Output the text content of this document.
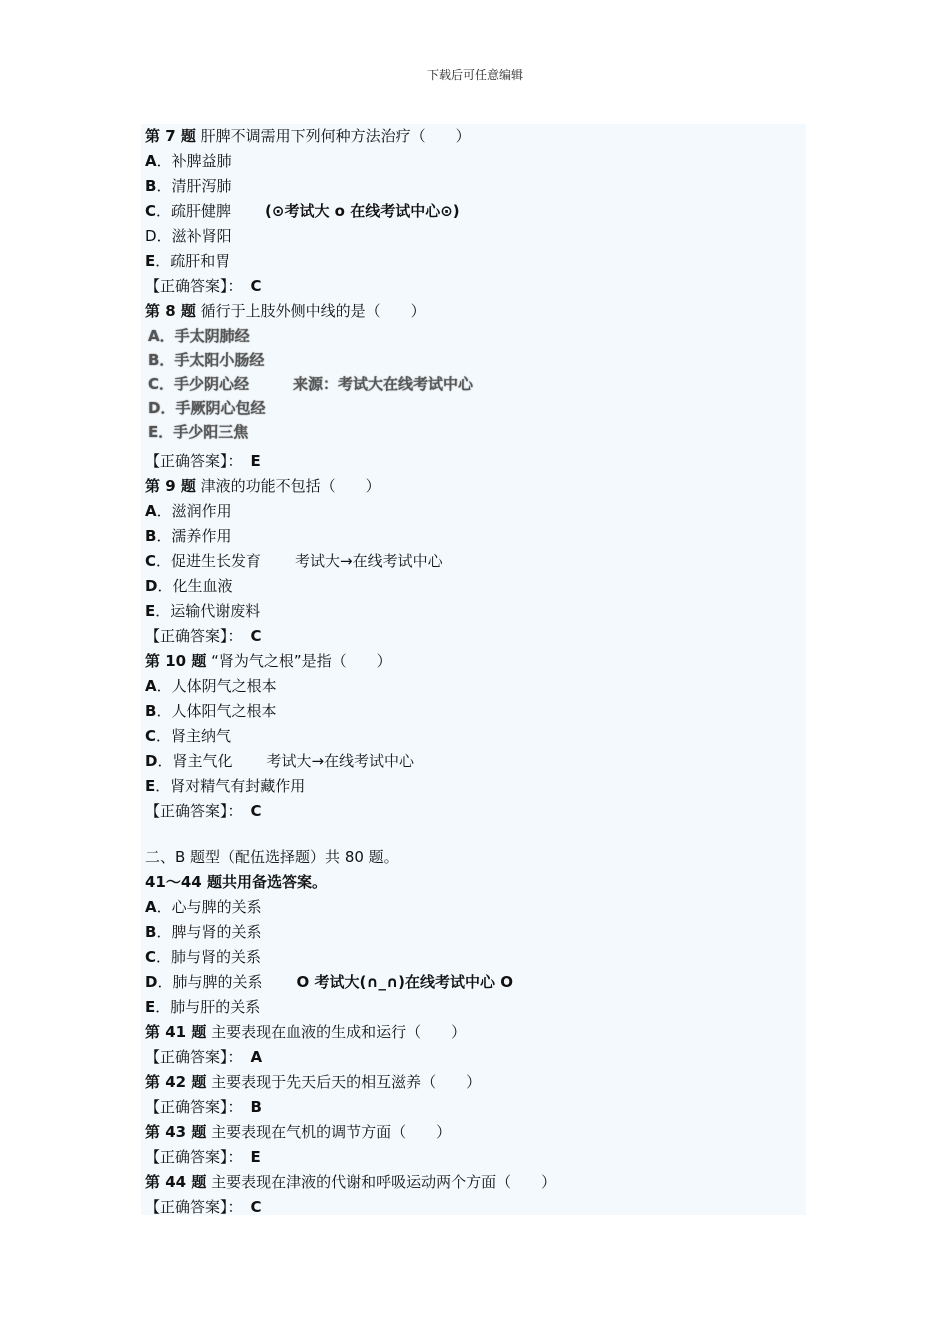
下载后可任意编辑
第 7 题 肝脾不调需用下列何种方法治疗（　　）
A．补脾益肺
B．清肝泻肺
C．疏肝健脾 (⊙考试大 o 在线考试中心⊙)
D．滋补肾阳
E．疏肝和胃
【正确答案】： C
第 8 题 循行于上肢外侧中线的是（　　）
A．手太阴肺经
B．手太阳小肠经
C．手少阴心经	来源：考试大在线考试中心
D．手厥阴心包经
E．手少阳三焦
【正确答案】： E
第 9 题 津液的功能不包括（　　）
A．滋润作用
B．濡养作用
C．促进生长发育 考试大→在线考试中心
D．化生血液
E．运输代谢废料
【正确答案】： C
第 10 题 “肾为气之根”是指（　　）
A．人体阴气之根本
B．人体阳气之根本
C．肾主纳气
D．肾主气化 考试大→在线考试中心
E．肾对精气有封藏作用
【正确答案】： C
二、B 题型（配伍选择题）共 80 题。
41～44 题共用备选答案。
A．心与脾的关系
B．脾与肾的关系
C．肺与肾的关系
D．肺与脾的关系 O 考试大(∩_∩)在线考试中心 O
E．肺与肝的关系
第 41 题 主要表现在血液的生成和运行（　　）
【正确答案】： A
第 42 题 主要表现于先天后天的相互滋养（　　）
【正确答案】： B
第 43 题 主要表现在气机的调节方面（　　）
【正确答案】： E
第 44 题 主要表现在津液的代谢和呼吸运动两个方面（　　）
【正确答案】： C
